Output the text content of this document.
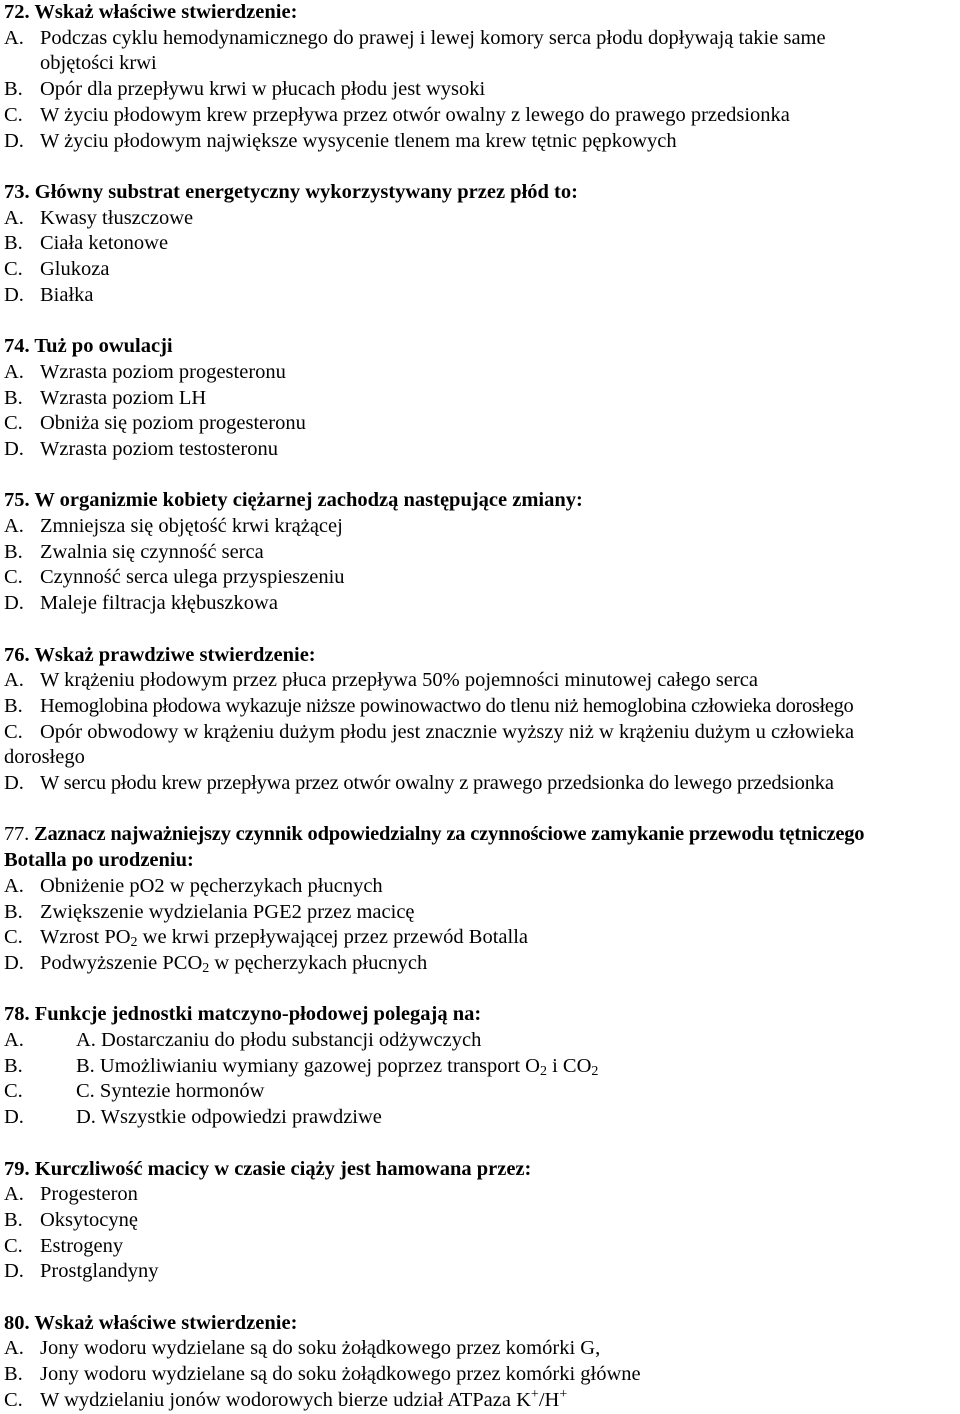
72. Wskaż właściwe stwierdzenie:
A. Podczas cyklu hemodynamicznego do prawej i lewej komory serca płodu dopływają takie same
objętości krwi
B. Opór dla przepływu krwi w płucach płodu jest wysoki
C. W życiu płodowym krew przepływa przez otwór owalny z lewego do prawego przedsionka
D. W życiu płodowym największe wysycenie tlenem ma krew tętnic pępkowych
73. Główny substrat energetyczny wykorzystywany przez płód to:
A. Kwasy tłuszczowe
B. Ciała ketonowe
C. Glukoza
D. Białka
74. Tuż po owulacji
A. Wzrasta poziom progesteronu
B. Wzrasta poziom LH
C. Obniża się poziom progesteronu
D. Wzrasta poziom testosteronu
75. W organizmie kobiety ciężarnej zachodzą następujące zmiany:
A. Zmniejsza się objętość krwi krążącej
B. Zwalnia się czynność serca
C. Czynność serca ulega przyspieszeniu
D. Maleje filtracja kłębuszkowa
76. Wskaż prawdziwe stwierdzenie:
A. W krążeniu płodowym przez płuca przepływa 50% pojemności minutowej całego serca
B. Hemoglobina płodowa wykazuje niższe powinowactwo do tlenu niż hemoglobina człowieka dorosłego
C. Opór obwodowy w krążeniu dużym płodu jest znacznie wyższy niż w krążeniu dużym u człowieka
dorosłego
D. W sercu płodu krew przepływa przez otwór owalny z prawego przedsionka do lewego przedsionka
77. Zaznacz najważniejszy czynnik odpowiedzialny za czynnościowe zamykanie przewodu tętniczego
Botalla po urodzeniu:
A. Obniżenie pO2 w pęcherzykach płucnych
B. Zwiększenie wydzielania PGE2 przez macicę
C. Wzrost $PO_2$ we krwi przepływającej przez przewód Botalla
D. Podwyższenie $PCO_2$ w pęcherzykach płucnych
78. Funkcje jednostki matczyno-płodowej polegają na:
A.	A. Dostarczaniu do płodu substancji odżywczych
B.	B. Umożliwianiu wymiany gazowej poprzez transport $O_2$ i $CO_2$
C.	C. Syntezie hormonów
D.	D. Wszystkie odpowiedzi prawdziwe
79. Kurczliwość macicy w czasie ciąży jest hamowana przez:
A. Progesteron
B. Oksytocynę
C. Estrogeny
D. Prostglandyny
80. Wskaż właściwe stwierdzenie:
A. Jony wodoru wydzielane są do soku żołądkowego przez komórki G,
B. Jony wodoru wydzielane są do soku żołądkowego przez komórki główne
C. W wydzielaniu jonów wodorowych bierze udział ATPaza K+/H+
